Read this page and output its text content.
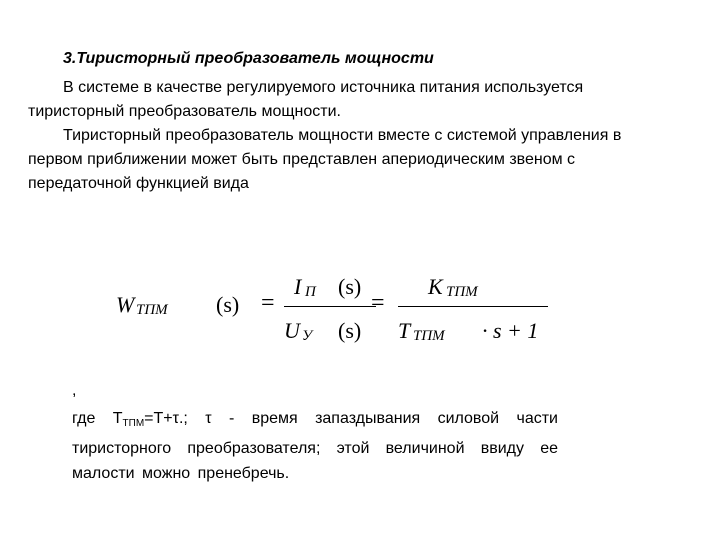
3.Тиристорный преобразователь мощности

В системе в качестве регулируемого источника питания используется тиристорный преобразователь мощности.

Тиристорный преобразователь мощности вместе с системой управления в первом приближении может быть представлен апериодическим звеном с передаточной функцией вида

W ТПМ (s) =
I П (s)
U У (s)
=
K ТПМ
T ТПМ · s + 1
,

где TТПМ=T+τ.; τ - время запаздывания силовой части тиристорного преобразователя; этой величиной ввиду ее малости можно пренебречь.
